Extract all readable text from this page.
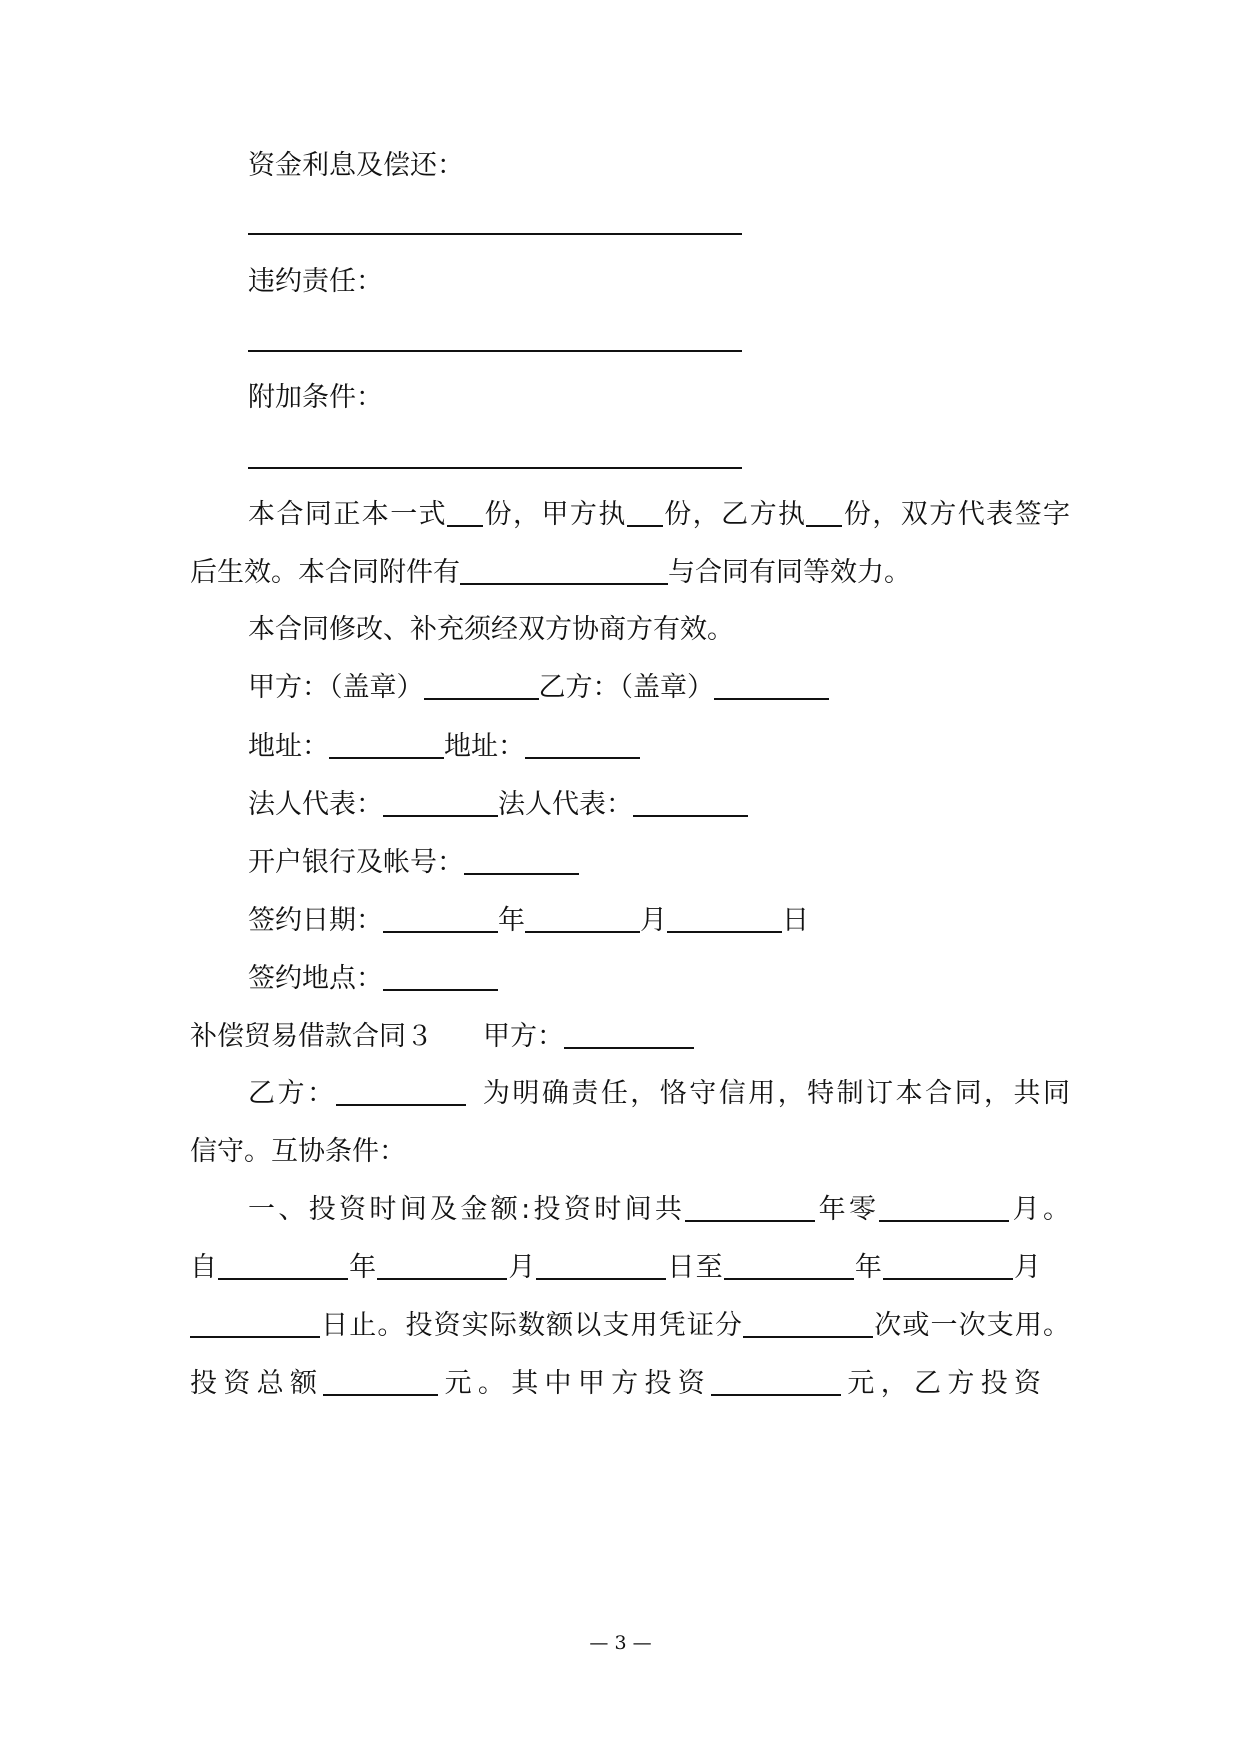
资金利息及偿还：
违约责任：
附加条件：
本合同正本一式 份，甲方执 份，乙方执 份，双方代表签字
后生效。本合同附件有	与合同有同等效力。
本合同修改、补充须经双方协商方有效。
甲方：（盖章）	乙方：（盖章）
地址：	地址：
法人代表：	法人代表：
开户银行及帐号：
签约日期：	年	月	日
签约地点：
补偿贸易借款合同３ 甲方：
乙方：	为明确责任，恪守信用，特制订本合同，共同
信守。互协条件：
一、投资时间及金额:投资时间共	年零	月。
自	年	月	日至	年	月
日止。投资实际数额以支用凭证分	次或一次支用。
投资总额	元。其中甲方投资	元，乙方投资
— 3 —
